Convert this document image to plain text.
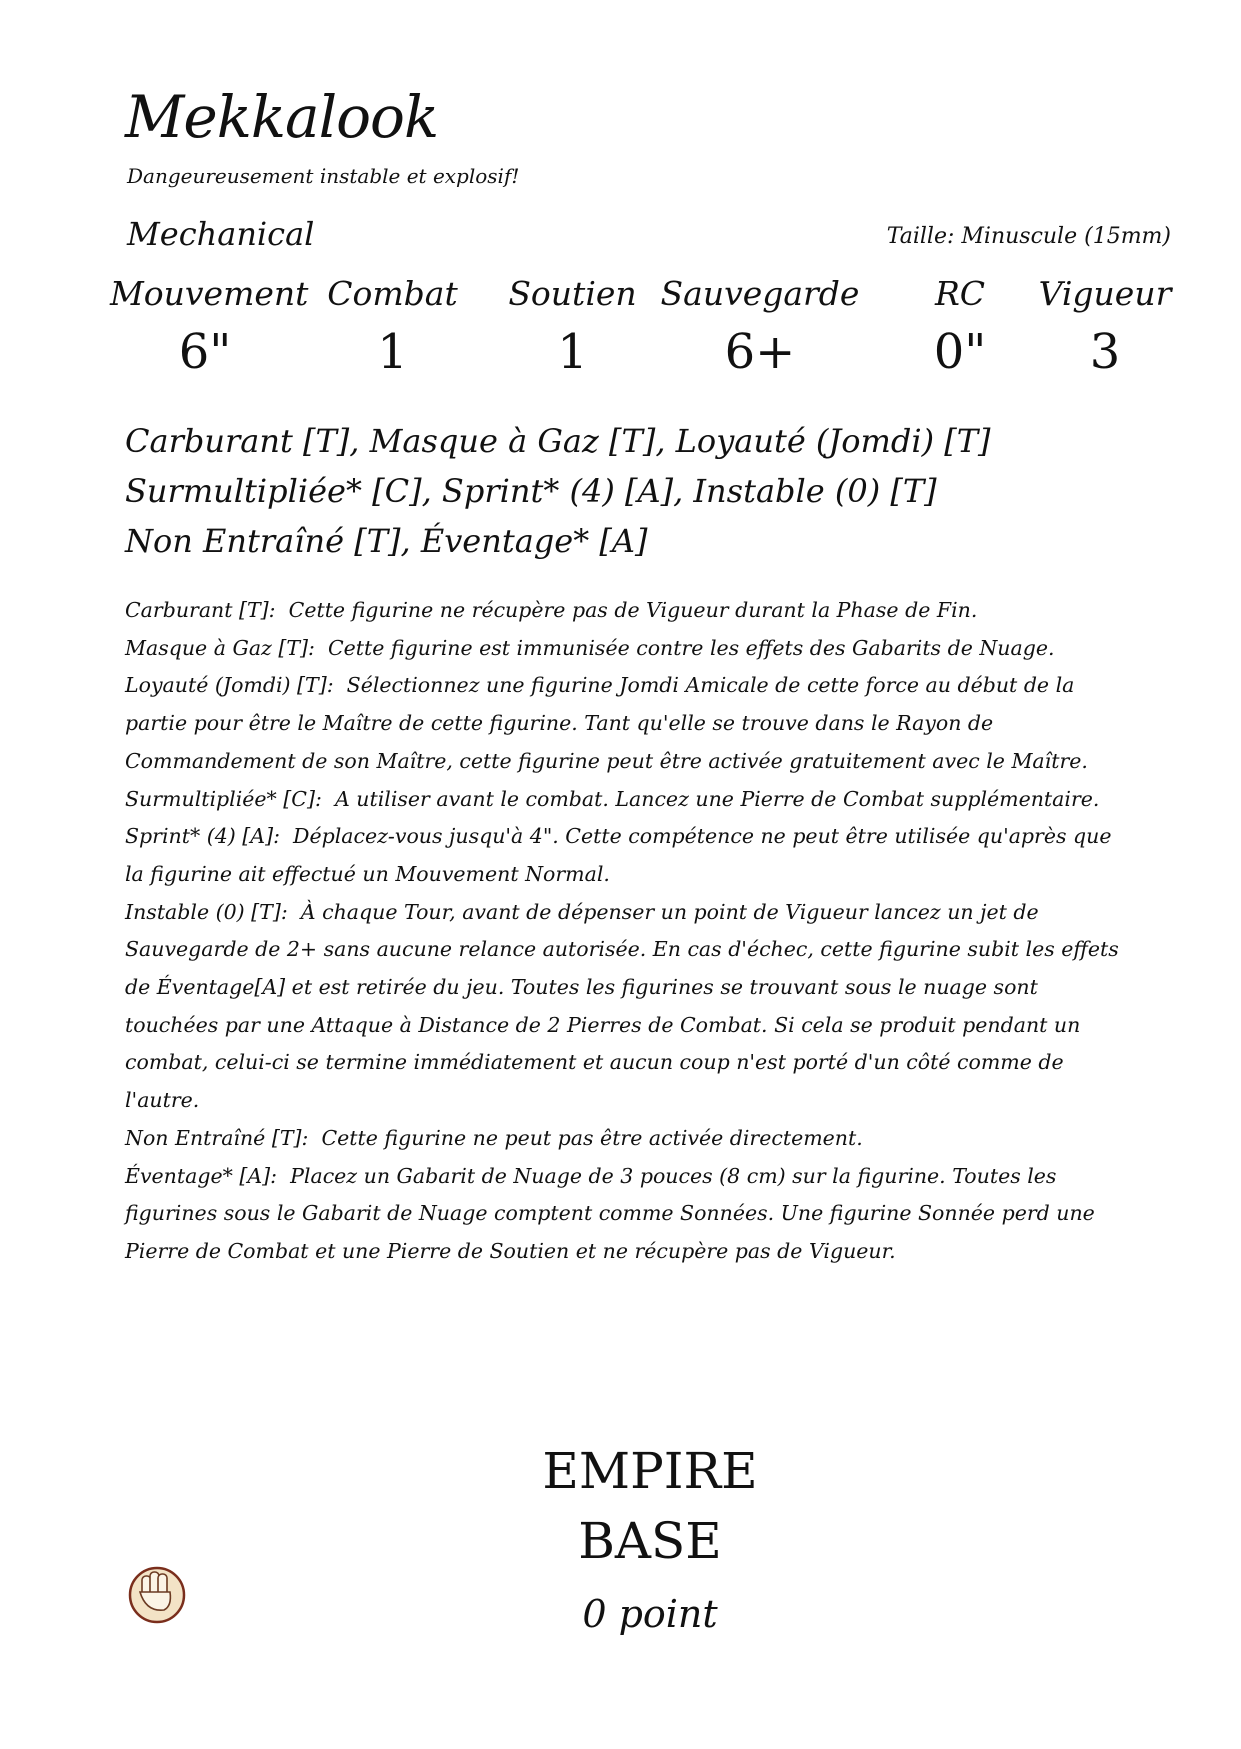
Mekkalook
Dangeureusement instable et explosif!
Mechanical	Taille: Minuscule (15mm)
Mouvement
6"
Combat
1
Soutien
1
Sauvegarde
6+
RC
0"
Vigueur
3
Carburant [T], Masque à Gaz [T], Loyauté (Jomdi) [T]
Surmultipliée* [C], Sprint* (4) [A], Instable (0) [T]
Non Entraîné [T], Éventage* [A]
Carburant [T]: Cette figurine ne récupère pas de Vigueur durant la Phase de Fin.
Masque à Gaz [T]: Cette figurine est immunisée contre les effets des Gabarits de Nuage.
Loyauté (Jomdi) [T]: Sélectionnez une figurine Jomdi Amicale de cette force au début de la partie pour être le Maître de cette figurine. Tant qu'elle se trouve dans le Rayon de Commandement de son Maître, cette figurine peut être activée gratuitement avec le Maître.
Surmultipliée* [C]: A utiliser avant le combat. Lancez une Pierre de Combat supplémentaire.
Sprint* (4) [A]: Déplacez-vous jusqu'à 4". Cette compétence ne peut être utilisée qu'après que la figurine ait effectué un Mouvement Normal.
Instable (0) [T]: À chaque Tour, avant de dépenser un point de Vigueur lancez un jet de Sauvegarde de 2+ sans aucune relance autorisée. En cas d'échec, cette figurine subit les effets de Éventage[A] et est retirée du jeu. Toutes les figurines se trouvant sous le nuage sont touchées par une Attaque à Distance de 2 Pierres de Combat. Si cela se produit pendant un combat, celui-ci se termine immédiatement et aucun coup n'est porté d'un côté comme de l'autre.
Non Entraîné [T]: Cette figurine ne peut pas être activée directement.
Éventage* [A]: Placez un Gabarit de Nuage de 3 pouces (8 cm) sur la figurine. Toutes les figurines sous le Gabarit de Nuage comptent comme Sonnées. Une figurine Sonnée perd une Pierre de Combat et une Pierre de Soutien et ne récupère pas de Vigueur.
EMPIRE
BASE
0 point
